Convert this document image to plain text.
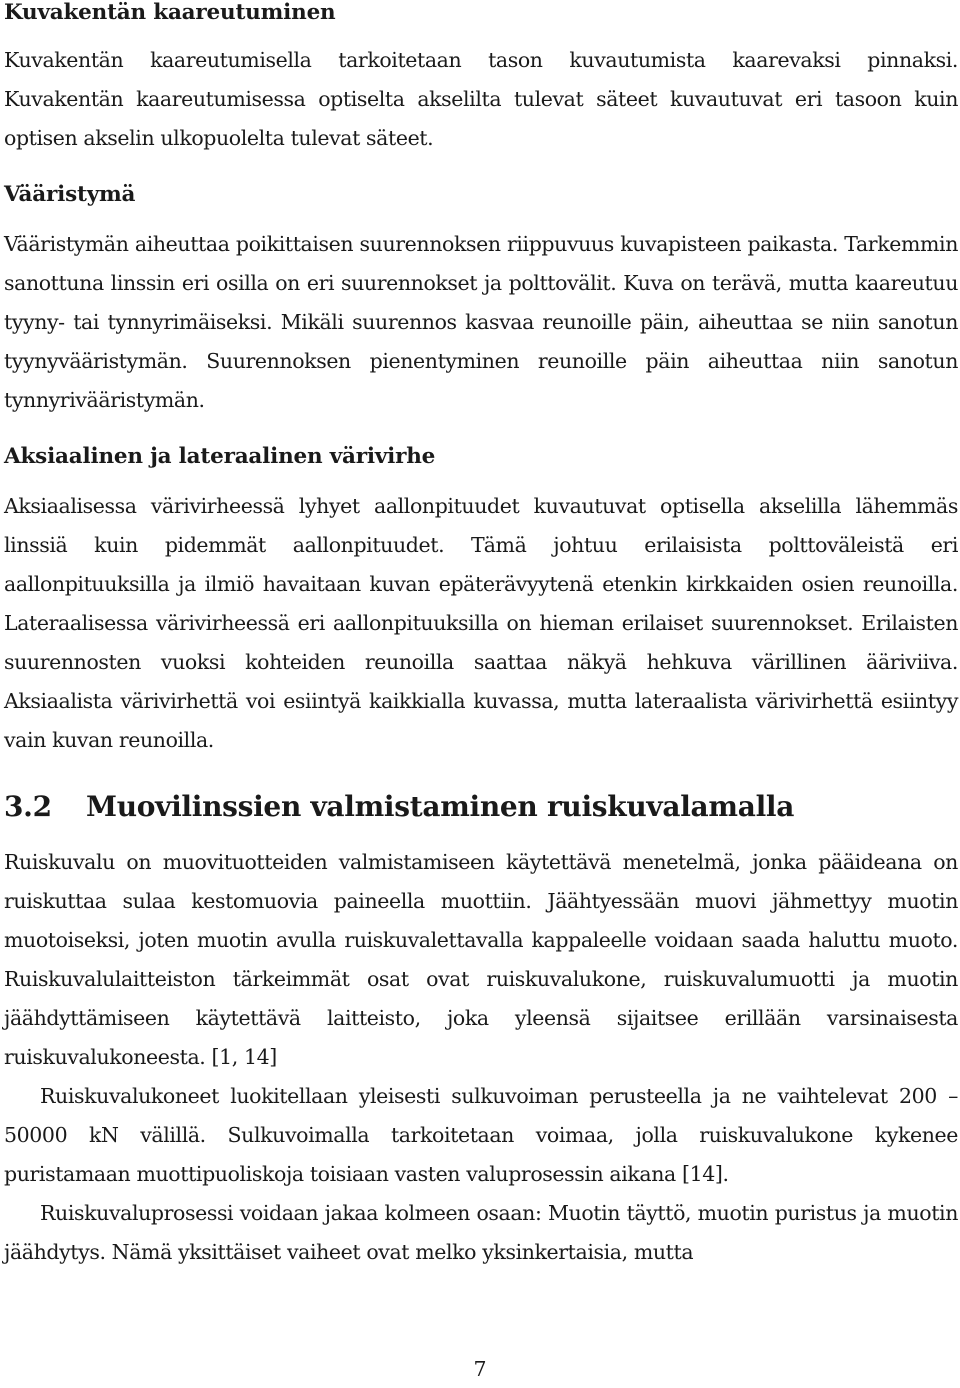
Kuvakentän kaareutuminen

Kuvakentän kaareutumisella tarkoitetaan tason kuvautumista kaarevaksi pinnaksi. Kuvakentän kaareutumisessa optiselta akselilta tulevat säteet kuvautuvat eri tasoon kuin optisen akselin ulkopuolelta tulevat säteet.

Vääristymä

Vääristymän aiheuttaa poikittaisen suurennoksen riippuvuus kuvapisteen paikasta. Tarkemmin sanottuna linssin eri osilla on eri suurennokset ja polttovälit. Kuva on terävä, mutta kaareutuu tyyny- tai tynnyrimäiseksi. Mikäli suurennos kasvaa reunoille päin, aiheuttaa se niin sanotun tyynyvääristymän. Suurennoksen pienentyminen reunoille päin aiheuttaa niin sanotun tynnyrivääristymän.

Aksiaalinen ja lateraalinen värivirhe

Aksiaalisessa värivirheessä lyhyet aallonpituudet kuvautuvat optisella akselilla lähemmäs linssiä kuin pidemmät aallonpituudet. Tämä johtuu erilaisista polttoväleistä eri aallonpituuksilla ja ilmiö havaitaan kuvan epäterävyytenä etenkin kirkkaiden osien reunoilla. Lateraalisessa värivirheessä eri aallonpituuksilla on hieman erilaiset suurennokset. Erilaisten suurennosten vuoksi kohteiden reunoilla saattaa näkyä hehkuva värillinen ääriviiva. Aksiaalista värivirhettä voi esiintyä kaikkialla kuvassa, mutta lateraalista värivirhettä esiintyy vain kuvan reunoilla.

3.2 Muovilinssien valmistaminen ruiskuvalamalla

Ruiskuvalu on muovituotteiden valmistamiseen käytettävä menetelmä, jonka pääideana on ruiskuttaa sulaa kestomuovia paineella muottiin. Jäähtyessään muovi jähmettyy muotin muotoiseksi, joten muotin avulla ruiskuvalettavalla kappaleelle voidaan saada haluttu muoto. Ruiskuvalulaitteiston tärkeimmät osat ovat ruiskuvalukone, ruiskuvalumuotti ja muotin jäähdyttämiseen käytettävä laitteisto, joka yleensä sijaitsee erillään varsinaisesta ruiskuvalukoneesta. [1, 14]

Ruiskuvalukoneet luokitellaan yleisesti sulkuvoiman perusteella ja ne vaihtelevat 200 – 50000 kN välillä. Sulkuvoimalla tarkoitetaan voimaa, jolla ruiskuvalukone kykenee puristamaan muottipuoliskoja toisiaan vasten valuprosessin aikana [14].

Ruiskuvaluprosessi voidaan jakaa kolmeen osaan: Muotin täyttö, muotin puristus ja muotin jäähdytys. Nämä yksittäiset vaiheet ovat melko yksinkertaisia, mutta

7
